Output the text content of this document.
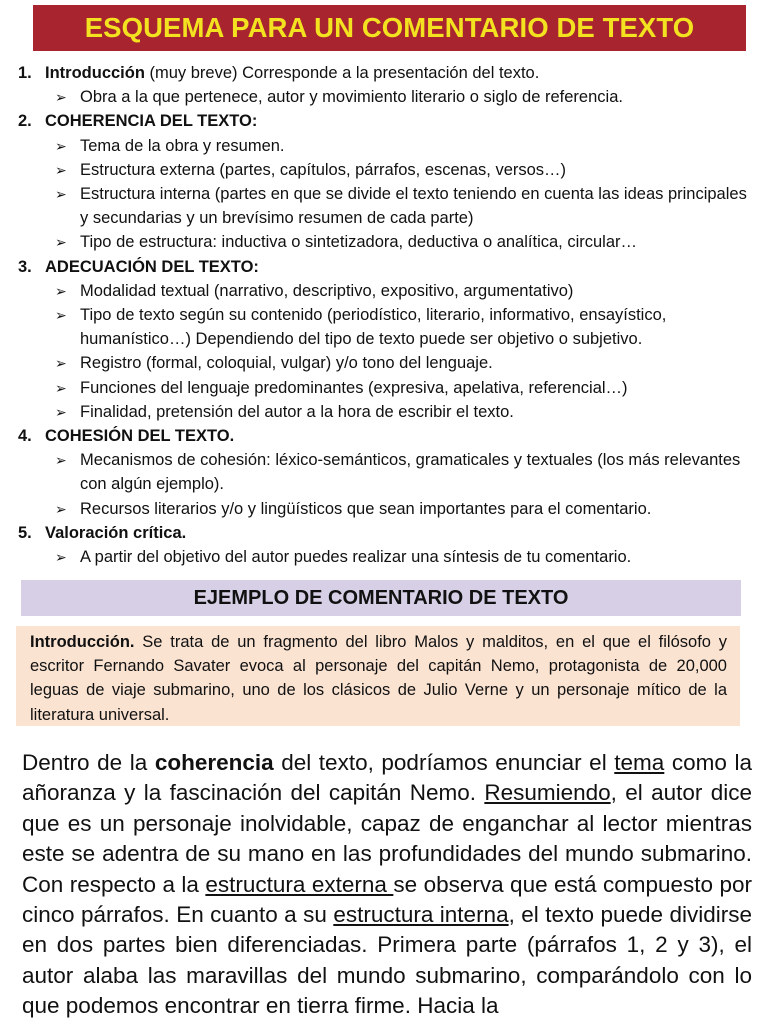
ESQUEMA PARA UN COMENTARIO DE TEXTO
1. Introducción (muy breve) Corresponde a la presentación del texto.
➢ Obra a la que pertenece, autor y movimiento literario o siglo de referencia.
2. COHERENCIA DEL TEXTO:
➢ Tema de la obra y resumen.
➢ Estructura externa (partes, capítulos, párrafos, escenas, versos…)
➢ Estructura interna (partes en que se divide el texto teniendo en cuenta las ideas principales y secundarias y un brevísimo resumen de cada parte)
➢ Tipo de estructura: inductiva o sintetizadora, deductiva o analítica, circular…
3. ADECUACIÓN DEL TEXTO:
➢ Modalidad textual (narrativo, descriptivo, expositivo, argumentativo)
➢ Tipo de texto según su contenido (periodístico, literario, informativo, ensayístico, humanístico…) Dependiendo del tipo de texto puede ser objetivo o subjetivo.
➢ Registro (formal, coloquial, vulgar) y/o tono del lenguaje.
➢ Funciones del lenguaje predominantes (expresiva, apelativa, referencial…)
➢ Finalidad, pretensión del autor a la hora de escribir el texto.
4. COHESIÓN DEL TEXTO.
➢ Mecanismos de cohesión: léxico-semánticos, gramaticales y textuales (los más relevantes con algún ejemplo).
➢ Recursos literarios y/o y lingüísticos que sean importantes para el comentario.
5. Valoración crítica.
➢ A partir del objetivo del autor puedes realizar una síntesis de tu comentario.
EJEMPLO DE COMENTARIO DE TEXTO
Introducción. Se trata de un fragmento del libro Malos y malditos, en el que el filósofo y escritor Fernando Savater evoca al personaje del capitán Nemo, protagonista de 20,000 leguas de viaje submarino, uno de los clásicos de Julio Verne y un personaje mítico de la literatura universal.
Dentro de la coherencia del texto, podríamos enunciar el tema como la añoranza y la fascinación del capitán Nemo. Resumiendo, el autor dice que es un personaje inolvidable, capaz de enganchar al lector mientras este se adentra de su mano en las profundidades del mundo submarino. Con respecto a la estructura externa se observa que está compuesto por cinco párrafos. En cuanto a su estructura interna, el texto puede dividirse en dos partes bien diferenciadas. Primera parte (párrafos 1, 2 y 3), el autor alaba las maravillas del mundo submarino, comparándolo con lo que podemos encontrar en tierra firme. Hacia la
